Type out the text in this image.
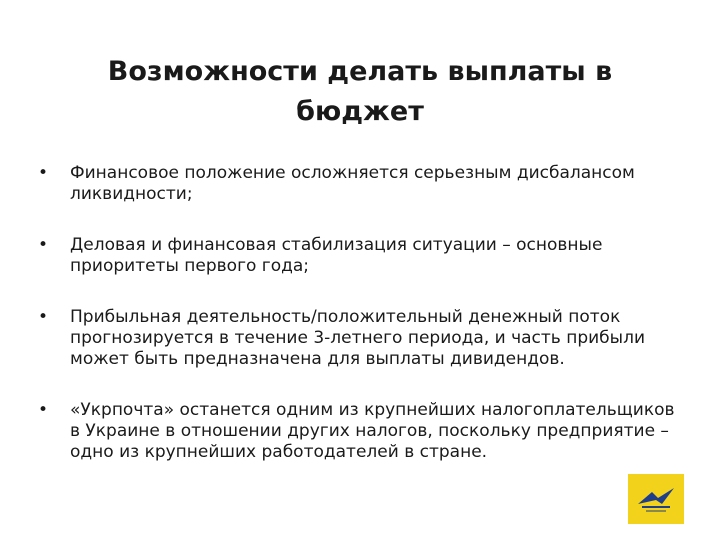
Возможности делать выплаты в бюджет
• Финансовое положение осложняется серьезным дисбалансом ликвидности;
• Деловая и финансовая стабилизация ситуации – основные приоритеты первого года;
• Прибыльная деятельность/положительный денежный поток прогнозируется в течение 3-летнего периода, и часть прибыли может быть предназначена для выплаты дивидендов.
• «Укрпочта» останется одним из крупнейших налогоплательщиков в Украине в отношении других налогов, поскольку предприятие – одно из крупнейших работодателей в стране.
